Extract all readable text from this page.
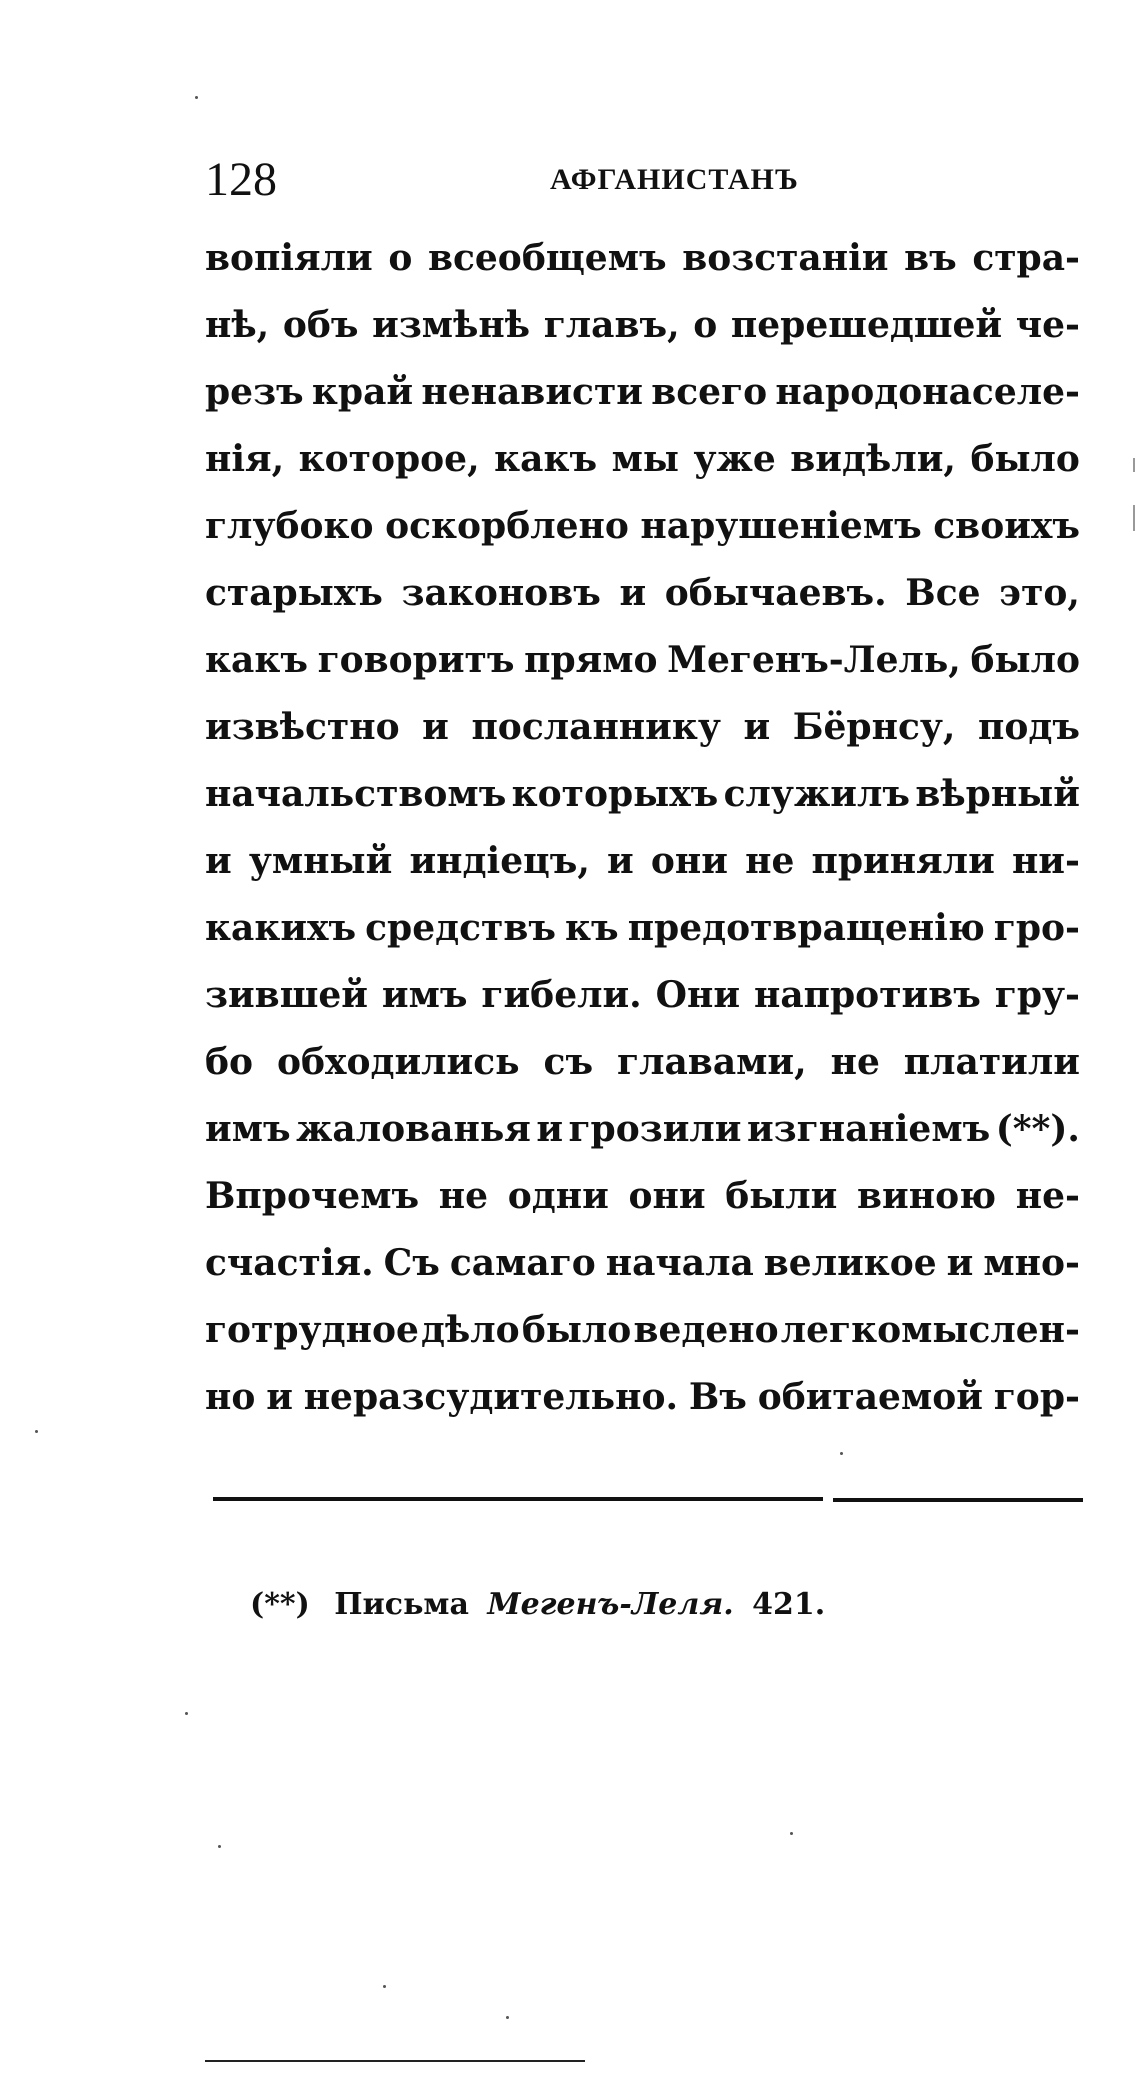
128	АФГАНИСТАНЪ
вопіяли о всеобщемъ возстаніи въ стра-
нѣ, объ измѣнѣ главъ, о перешедшей че-
резъ край ненависти всего народонаселе-
нія, которое, какъ мы уже видѣли, было
глубоко оскорблено нарушеніемъ своихъ
старыхъ законовъ и обычаевъ. Все это,
какъ говоритъ прямо Мегенъ-Лель, было
извѣстно и посланнику и Бёрнсу, подъ
начальствомъ которыхъ служилъ вѣрный
и умный индіецъ, и они не приняли ни-
какихъ средствъ къ предотвращенію гро-
зившей имъ гибели. Они напротивъ гру-
бо обходились съ главами, не платили
имъ жалованья и грозили изгнаніемъ (**).
Впрочемъ не одни они были виною не-
счастія. Съ самаго начала великое и мно-
готрудное дѣло было ведено легкомыслен-
но и неразсудительно. Въ обитаемой гор-
(**) Письма Мегенъ-Леля. 421.
